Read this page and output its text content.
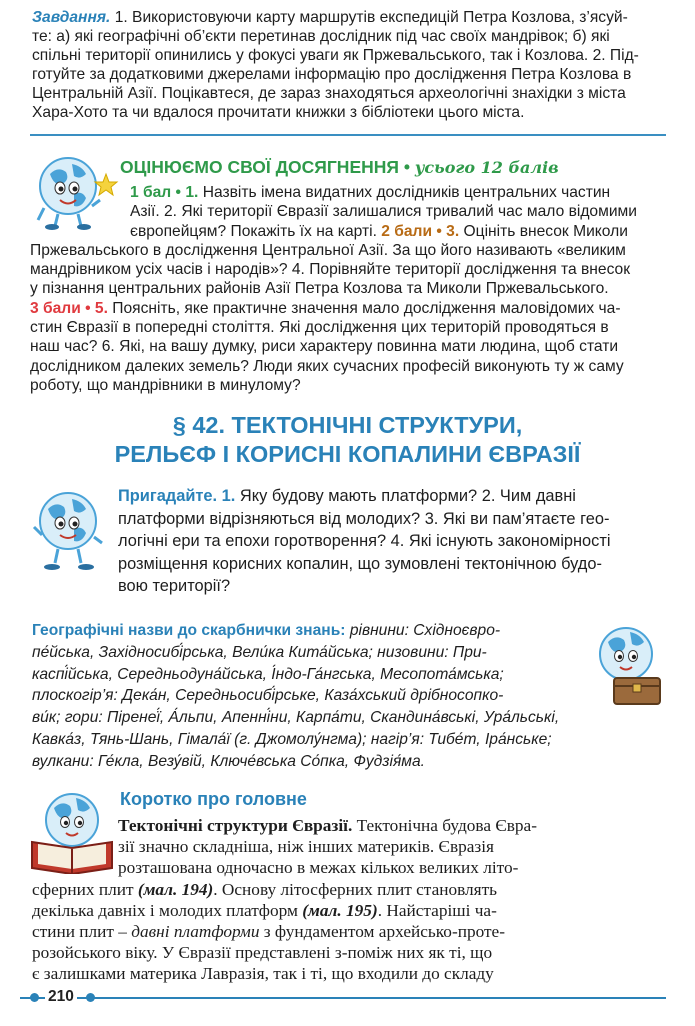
Завдання. 1. Використовуючи карту маршрутів експедицій Петра Козлова, з’ясуй-
те: а) які географічні об’єкти перетинав дослідник під час своїх мандрівок; б) які
спільні території опинились у фокусі уваги як Пржевальського, так і Козлова. 2. Під-
готуйте за додатковими джерелами інформацію про дослідження Петра Козлова в
Центральній Азії. Поцікавтеся, де зараз знаходяться археологічні знахідки з міста
Хара-Хото та чи вдалося прочитати книжки з бібліотеки цього міста.
ОЦІНЮЄМО СВОЇ ДОСЯГНЕННЯ • усього 12 балів
1 бал • 1. Назвіть імена видатних дослідників центральних частин
Азії. 2. Які території Євразії залишалися тривалий час мало відомими
європейцям? Покажіть їх на карті. 2 бали • 3. Оцініть внесок Миколи
Пржевальського в дослідження Центральної Азії. За що його називають «великим
мандрівником усіх часів і народів»? 4. Порівняйте території дослідження та внесок
у пізнання центральних районів Азії Петра Козлова та Миколи Пржевальського.
3 бали • 5. Поясніть, яке практичне значення мало дослідження маловідомих ча-
стин Євразії в попередні століття. Які дослідження цих територій проводяться в
наш час? 6. Які, на вашу думку, риси характеру повинна мати людина, щоб стати
дослідником далеких земель? Люди яких сучасних професій виконують ту ж саму
роботу, що мандрівники в минулому?
§ 42. ТЕКТОНІЧНІ СТРУКТУРИ,
РЕЛЬЄФ І КОРИСНІ КОПАЛИНИ ЄВРАЗІЇ
Пригадайте. 1. Яку будову мають платформи? 2. Чим давні
платформи відрізняються від молодих? 3. Які ви пам’ятаєте гео-
логічні ери та епохи горотворення? 4. Які існують закономірності
розміщення корисних копалин, що зумовлені тектонічною будо-
вою території?
Географічні назви до скарбнички знань: рівнини: Східноєвро-
пе́йська, Західносибі́рська, Вели́ка Кита́йська; низовини: При-
каспі́йська, Середньодуна́йська, І́ндо-Га́нгська, Месопота́мська;
плоскогір’я: Дека́н, Середньосибі́рське, Каза́хський дрібносопко-
ви́к; гори: Піренеї́, А́льпи, Апенні́ни, Карпа́ти, Скандина́вські, Ура́льські,
Кавка́з, Тянь-Шань, Гімала́ї (г. Джомолу́нгма); нагір’я: Тибе́т, Іра́нське;
вулкани: Ге́кла, Везу́вій, Ключе́вська Со́пка, Фудзія́ма.
Коротко про головне
Тектонічні структури Євразії. Тектонічна будова Євра-
зії значно складніша, ніж інших материків. Євразія
розташована одночасно в межах кількох великих літо-
сферних плит (мал. 194). Основу літосферних плит становлять
декілька давніх і молодих платформ (мал. 195). Найстаріші ча-
стини плит – давні платформи з фундаментом архейсько-проте-
розойського віку. У Євразії представлені з-поміж них як ті, що
є залишками материка Лавразія, так і ті, що входили до складу
210
